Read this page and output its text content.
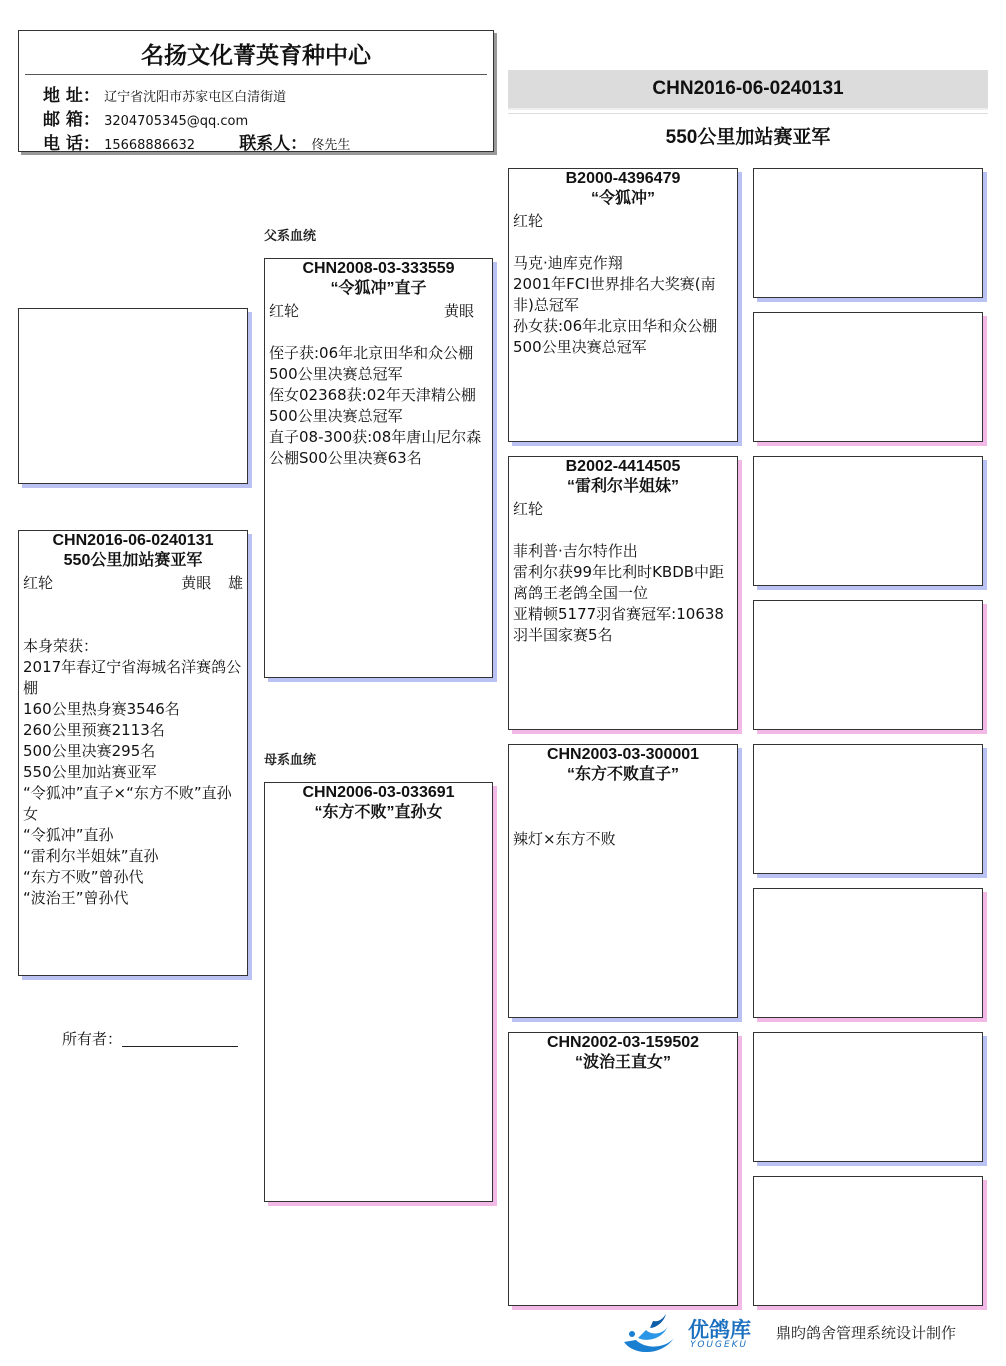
名扬文化菁英育种中心
地 址： 辽宁省沈阳市苏家屯区白清街道
邮 箱： 3204705345@qq.com
电 话： 15668886632	联系人： 佟先生
CHN2016-06-0240131
550公里加站赛亚军
父系血统
母系血统
CHN2016-06-0240131
550公里加站赛亚军
红轮	黄眼 雄
本身荣获：
2017年春辽宁省海城名洋赛鸽公棚
160公里热身赛3546名
260公里预赛2113名
500公里决赛295名
550公里加站赛亚军
“令狐冲”直子×“东方不败”直孙女
“令狐冲”直孙
“雷利尔半姐妹”直孙
“东方不败”曾孙代
“波治王”曾孙代
所有者：
CHN2008-03-333559
“令狐冲”直子
红轮	黄眼
侄子获:06年北京田华和众公棚500公里决赛总冠军
侄女02368获:02年天津精公棚500公里决赛总冠军
直子08-300获:08年唐山尼尔森公棚S00公里决赛63名
CHN2006-03-033691
“东方不败”直孙女
B2000-4396479
“令狐冲”
红轮
马克·迪库克作翔
2001年FCI世界排名大奖赛(南非)总冠军
孙女获:06年北京田华和众公棚500公里决赛总冠军
B2002-4414505
“雷利尔半姐妹”
红轮
菲利普·吉尔特作出
雷利尔获99年比利时KBDB中距离鸽王老鸽全国一位
亚精顿5177羽省赛冠军:10638羽半国家赛5名
CHN2003-03-300001
“东方不败直子”
辣灯×东方不败
CHN2002-03-159502
“波治王直女”
优鸽库
YOUGEKU
鼎昀鸽舍管理系统设计制作
